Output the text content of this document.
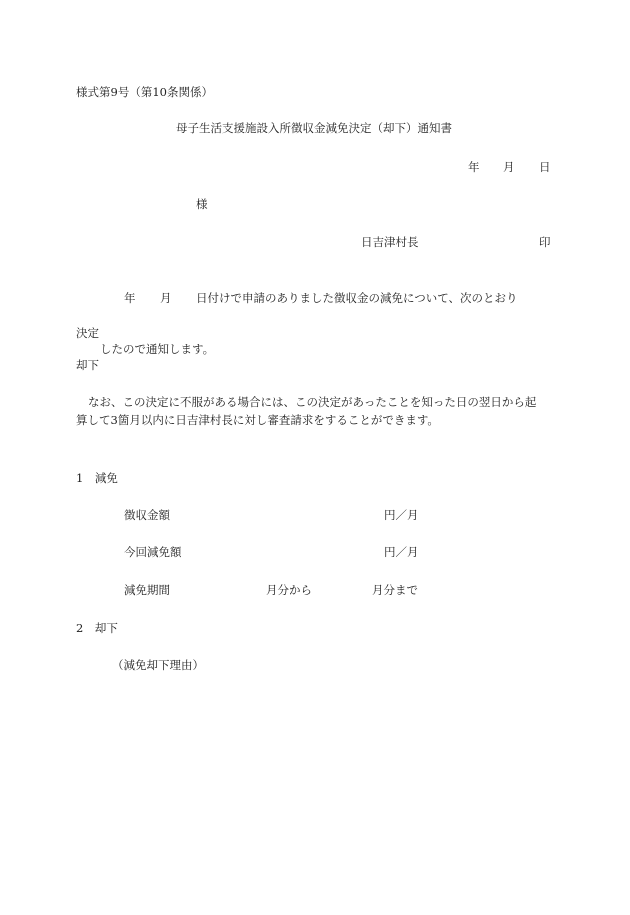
様式第9号（第10条関係）
母子生活支援施設入所徴収金減免決定（却下）通知書
年 月 日
様
日吉津村長	印
年 月 日付けで申請のありました徴収金の減免について、次のとおり
決定
したので通知します。
却下
なお、この決定に不服がある場合には、この決定があったことを知った日の翌日から起
算して3箇月以内に日吉津村長に対し審査請求をすることができます。
1　減免
徴収金額	円／月
今回減免額	円／月
減免期間	月分から	月分まで
2　却下
（減免却下理由）
